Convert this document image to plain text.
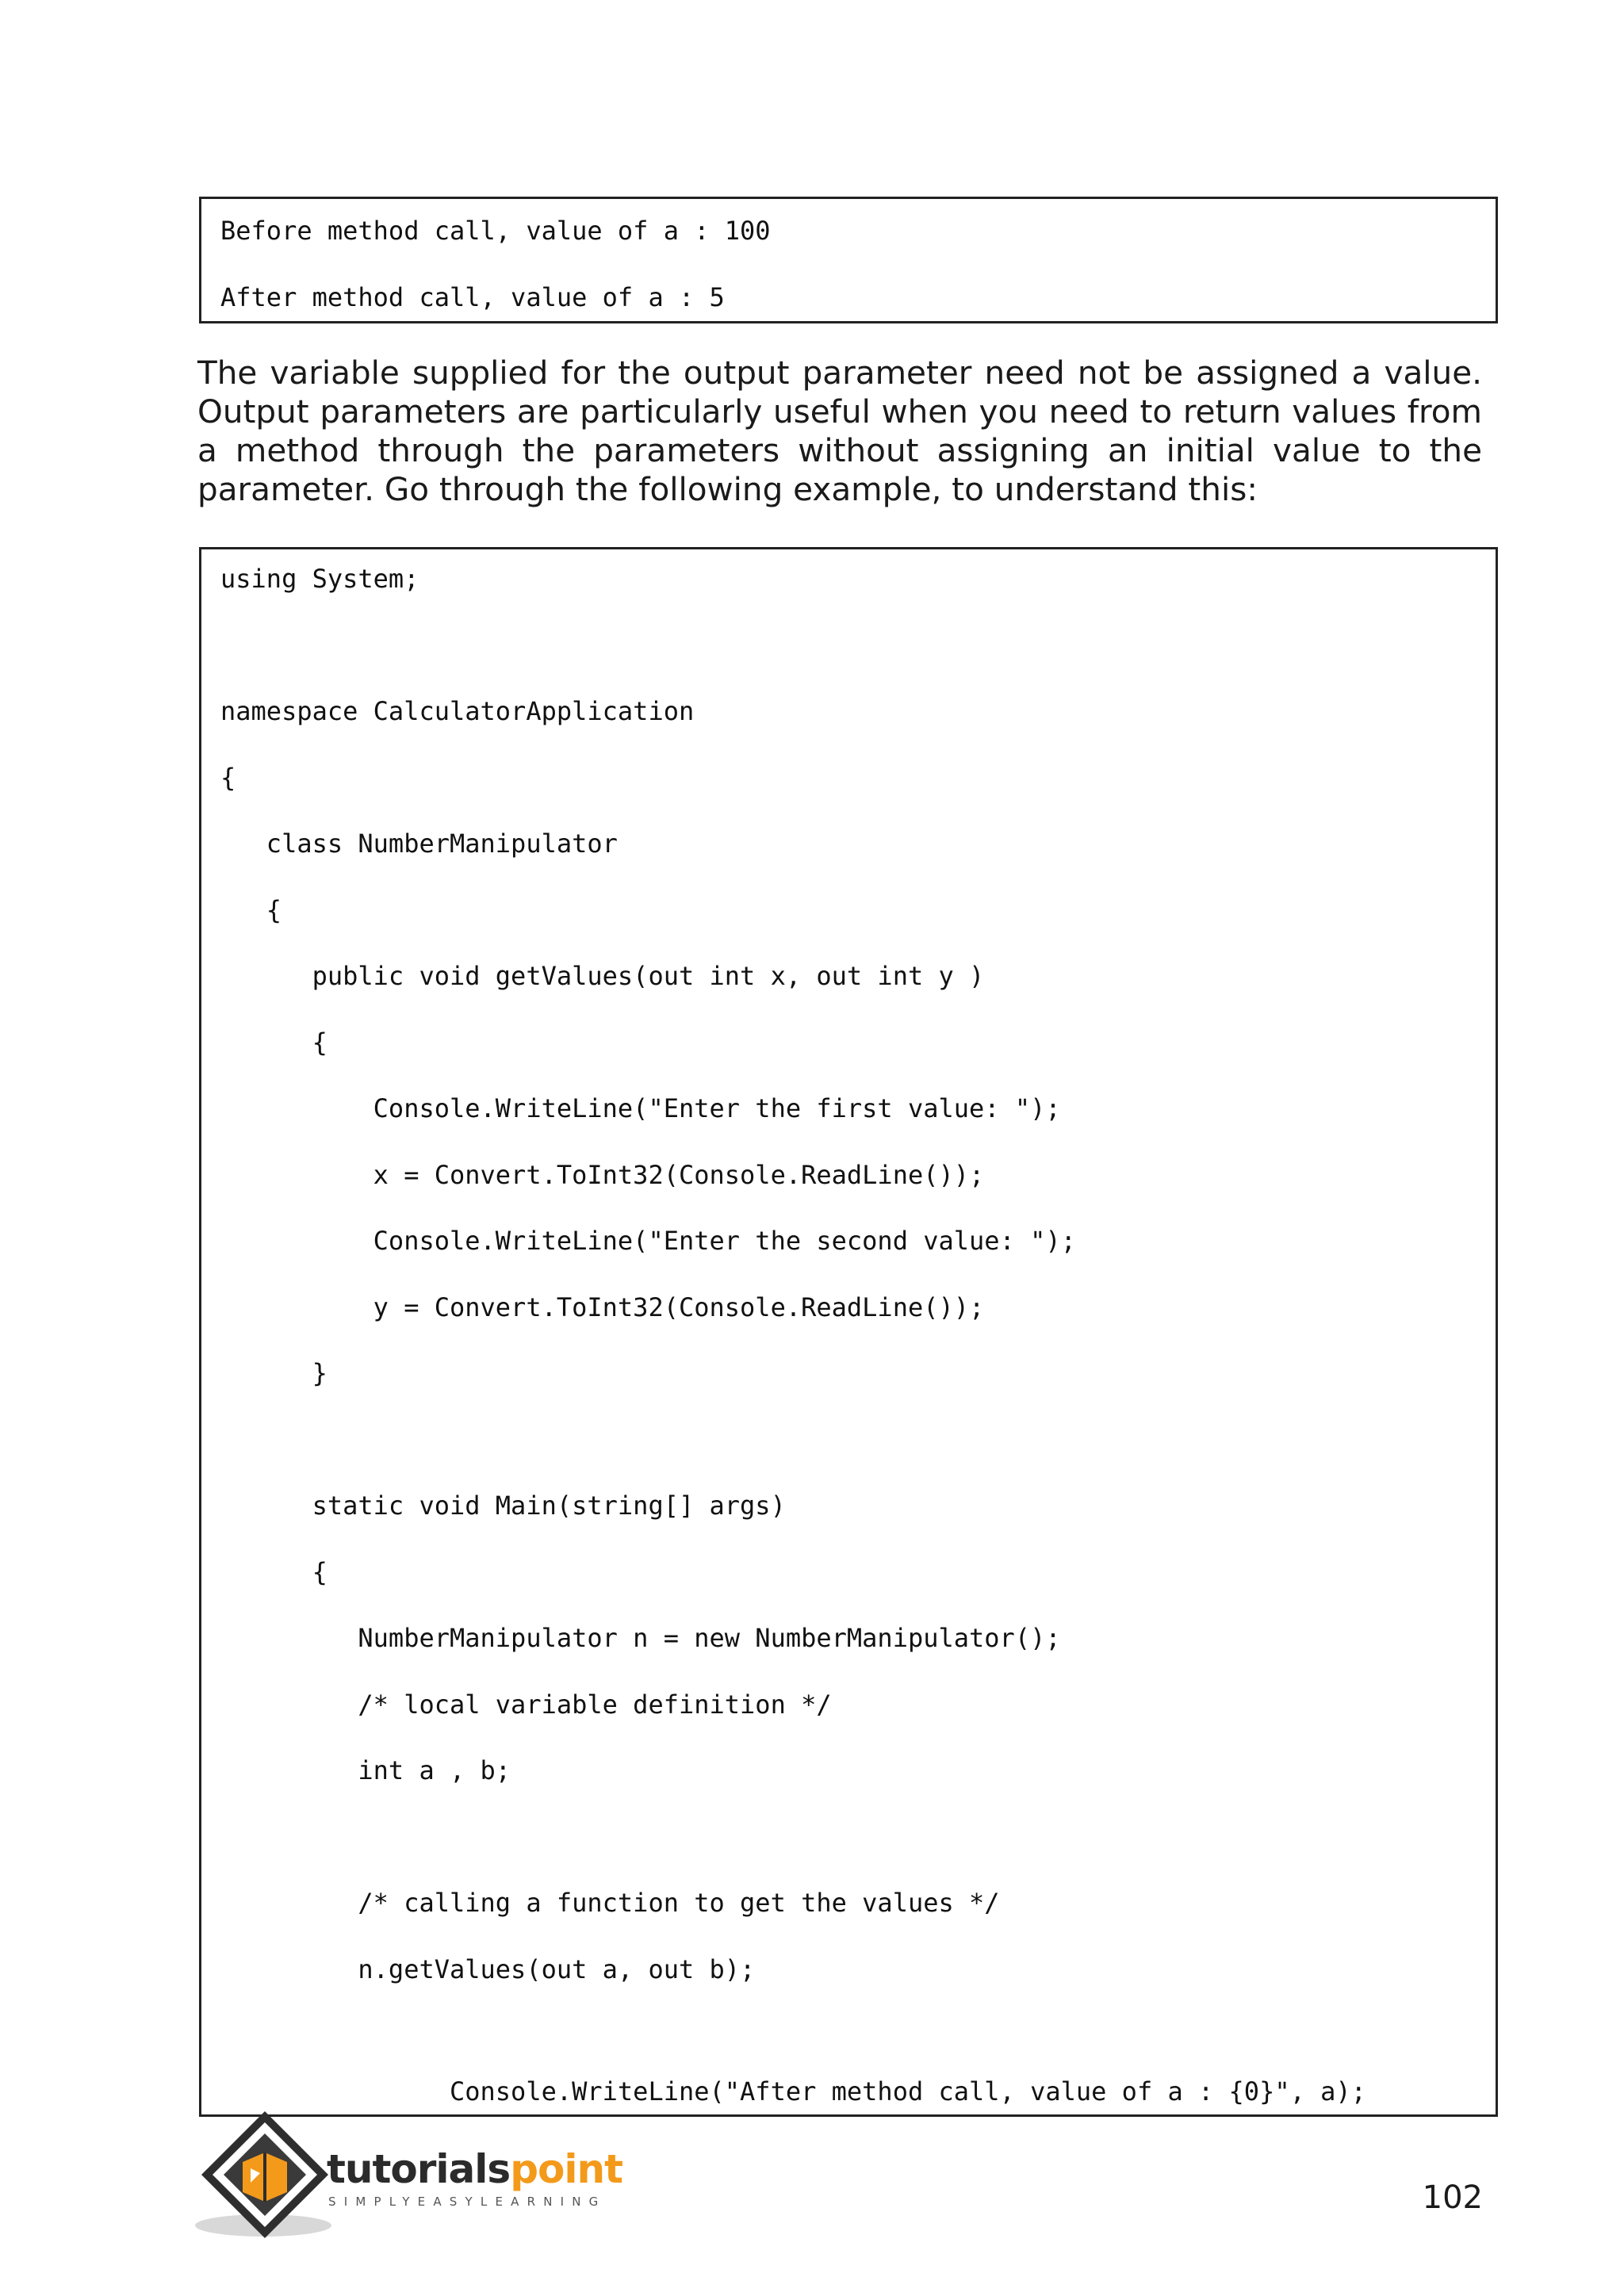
Before method call, value of a : 100
After method call, value of a : 5

The variable supplied for the output parameter need not be assigned a value. Output parameters are particularly useful when you need to return values from a method through the parameters without assigning an initial value to the parameter. Go through the following example, to understand this:

using System;
namespace CalculatorApplication
{
class NumberManipulator
{
public void getValues(out int x, out int y )
{
Console.WriteLine("Enter the first value: ");
x = Convert.ToInt32(Console.ReadLine());
Console.WriteLine("Enter the second value: ");
y = Convert.ToInt32(Console.ReadLine());
}
static void Main(string[] args)
{
NumberManipulator n = new NumberManipulator();
/* local variable definition */
int a , b;
/* calling a function to get the values */
n.getValues(out a, out b);
Console.WriteLine("After method call, value of a : {0}", a);
tutorialspoint
SIMPLYEASYLEARNING	102
